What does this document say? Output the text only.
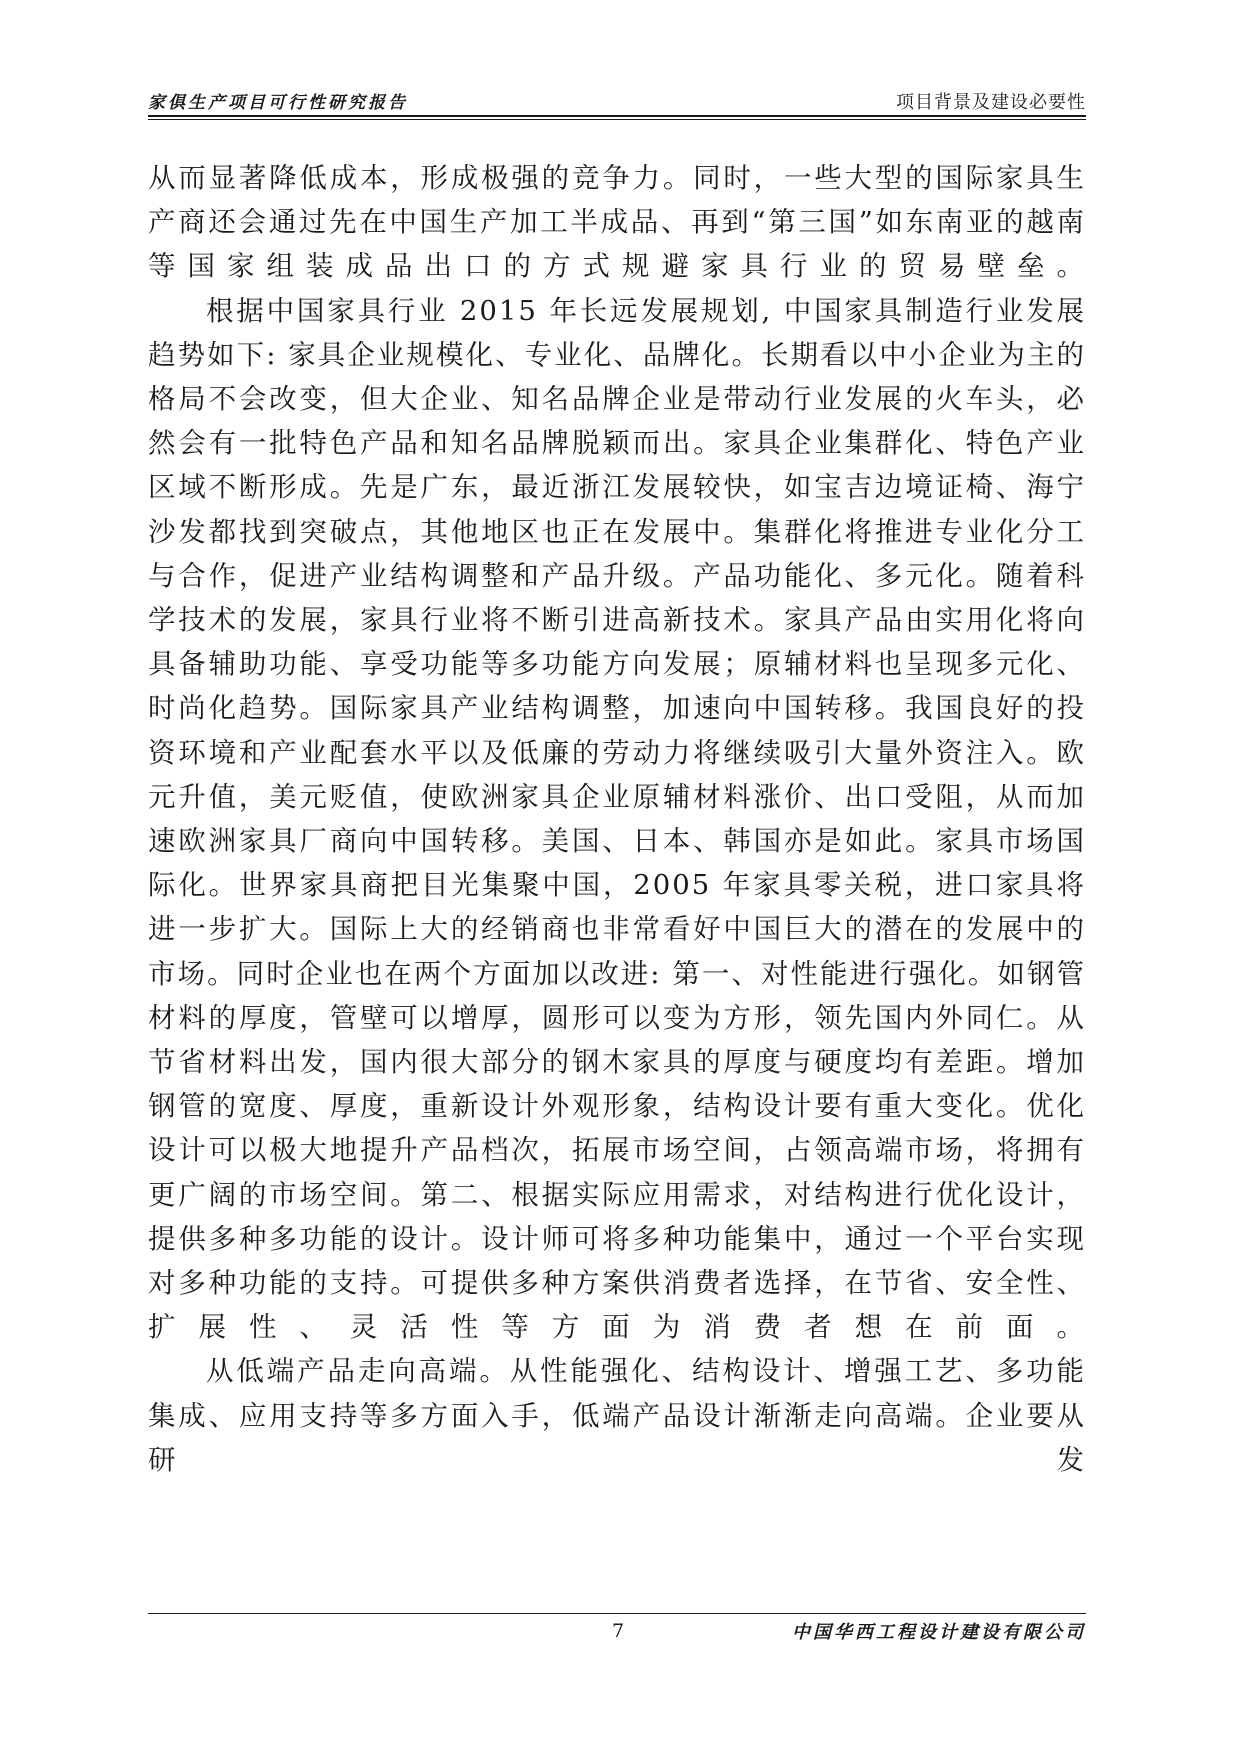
家俱生产项目可行性研究报告	项目背景及建设必要性

从而显著降低成本，形成极强的竞争力。同时，一些大型的国际家具生产商还会通过先在中国生产加工半成品、再到“第三国”如东南亚的越南等国家组装成品出口的方式规避家具行业的贸易壁垒。

根据中国家具行业 2015 年长远发展规划, 中国家具制造行业发展趋势如下: 家具企业规模化、专业化、品牌化。长期看以中小企业为主的格局不会改变，但大企业、知名品牌企业是带动行业发展的火车头，必然会有一批特色产品和知名品牌脱颖而出。家具企业集群化、特色产业区域不断形成。先是广东，最近浙江发展较快，如宝吉边境证椅、海宁沙发都找到突破点，其他地区也正在发展中。集群化将推进专业化分工与合作，促进产业结构调整和产品升级。产品功能化、多元化。随着科学技术的发展，家具行业将不断引进高新技术。家具产品由实用化将向具备辅助功能、享受功能等多功能方向发展；原辅材料也呈现多元化、时尚化趋势。国际家具产业结构调整，加速向中国转移。我国良好的投资环境和产业配套水平以及低廉的劳动力将继续吸引大量外资注入。欧元升值，美元贬值，使欧洲家具企业原辅材料涨价、出口受阻，从而加速欧洲家具厂商向中国转移。美国、日本、韩国亦是如此。家具市场国际化。世界家具商把目光集聚中国，2005 年家具零关税，进口家具将进一步扩大。国际上大的经销商也非常看好中国巨大的潜在的发展中的市场。同时企业也在两个方面加以改进: 第一、对性能进行强化。如钢管材料的厚度，管壁可以增厚，圆形可以变为方形，领先国内外同仁。从节省材料出发，国内很大部分的钢木家具的厚度与硬度均有差距。增加钢管的宽度、厚度，重新设计外观形象，结构设计要有重大变化。优化设计可以极大地提升产品档次，拓展市场空间，占领高端市场，将拥有更广阔的市场空间。第二、根据实际应用需求，对结构进行优化设计，提供多种多功能的设计。设计师可将多种功能集中，通过一个平台实现对多种功能的支持。可提供多种方案供消费者选择，在节省、安全性、扩展性、灵活性等方面为消费者想在前面。

从低端产品走向高端。从性能强化、结构设计、增强工艺、多功能集成、应用支持等多方面入手，低端产品设计渐渐走向高端。企业要从研发

7	中国华西工程设计建设有限公司
